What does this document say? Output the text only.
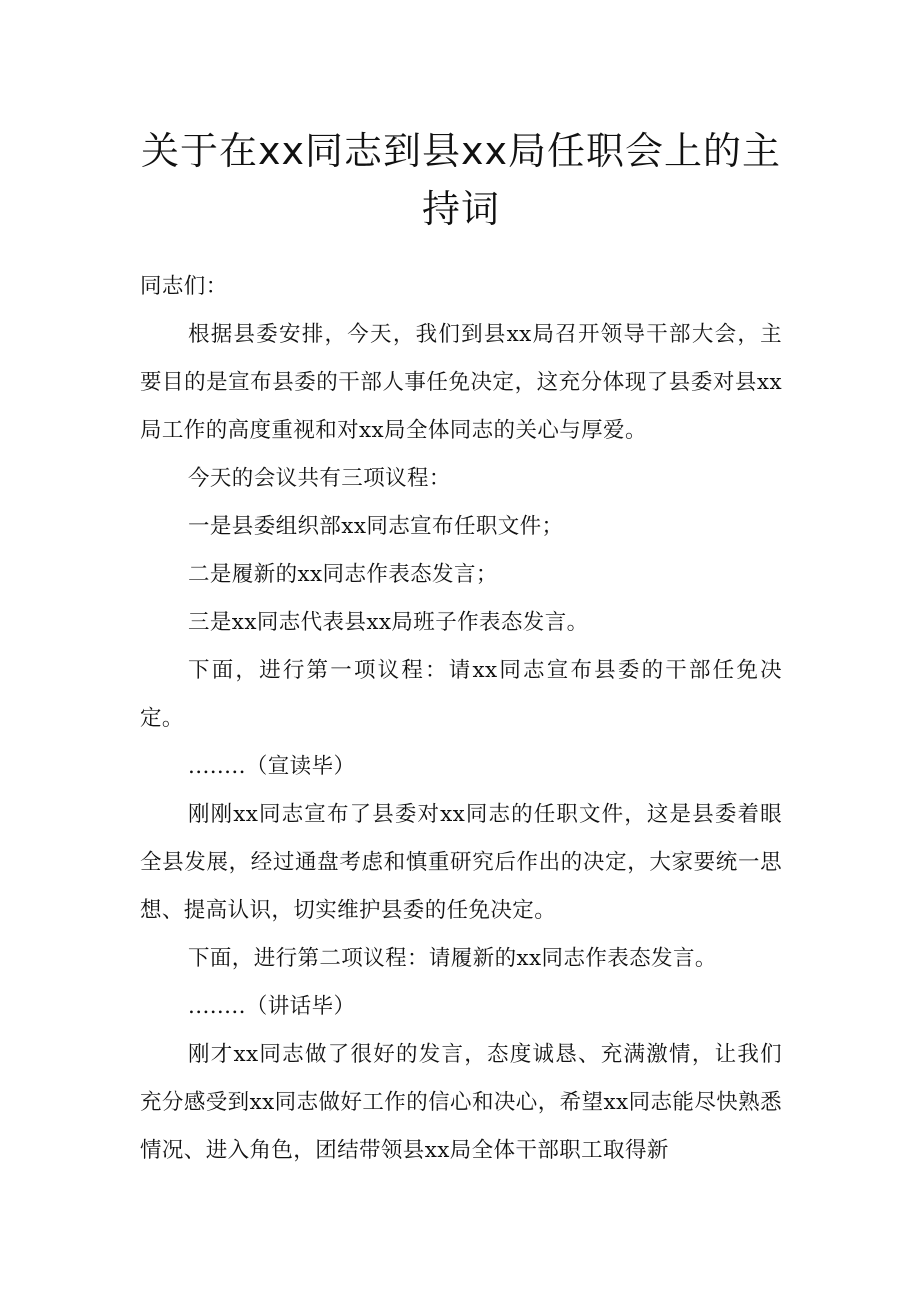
关于在xx同志到县xx局任职会上的主持词

同志们：

根据县委安排，今天，我们到县xx局召开领导干部大会，主要目的是宣布县委的干部人事任免决定，这充分体现了县委对县xx局工作的高度重视和对xx局全体同志的关心与厚爱。

今天的会议共有三项议程：

一是县委组织部xx同志宣布任职文件；

二是履新的xx同志作表态发言；

三是xx同志代表县xx局班子作表态发言。

下面，进行第一项议程：请xx同志宣布县委的干部任免决定。

........（宣读毕）

刚刚xx同志宣布了县委对xx同志的任职文件，这是县委着眼全县发展，经过通盘考虑和慎重研究后作出的决定，大家要统一思想、提高认识，切实维护县委的任免决定。

下面，进行第二项议程：请履新的xx同志作表态发言。

........（讲话毕）

刚才xx同志做了很好的发言，态度诚恳、充满激情，让我们充分感受到xx同志做好工作的信心和决心，希望xx同志能尽快熟悉情况、进入角色，团结带领县xx局全体干部职工取得新
